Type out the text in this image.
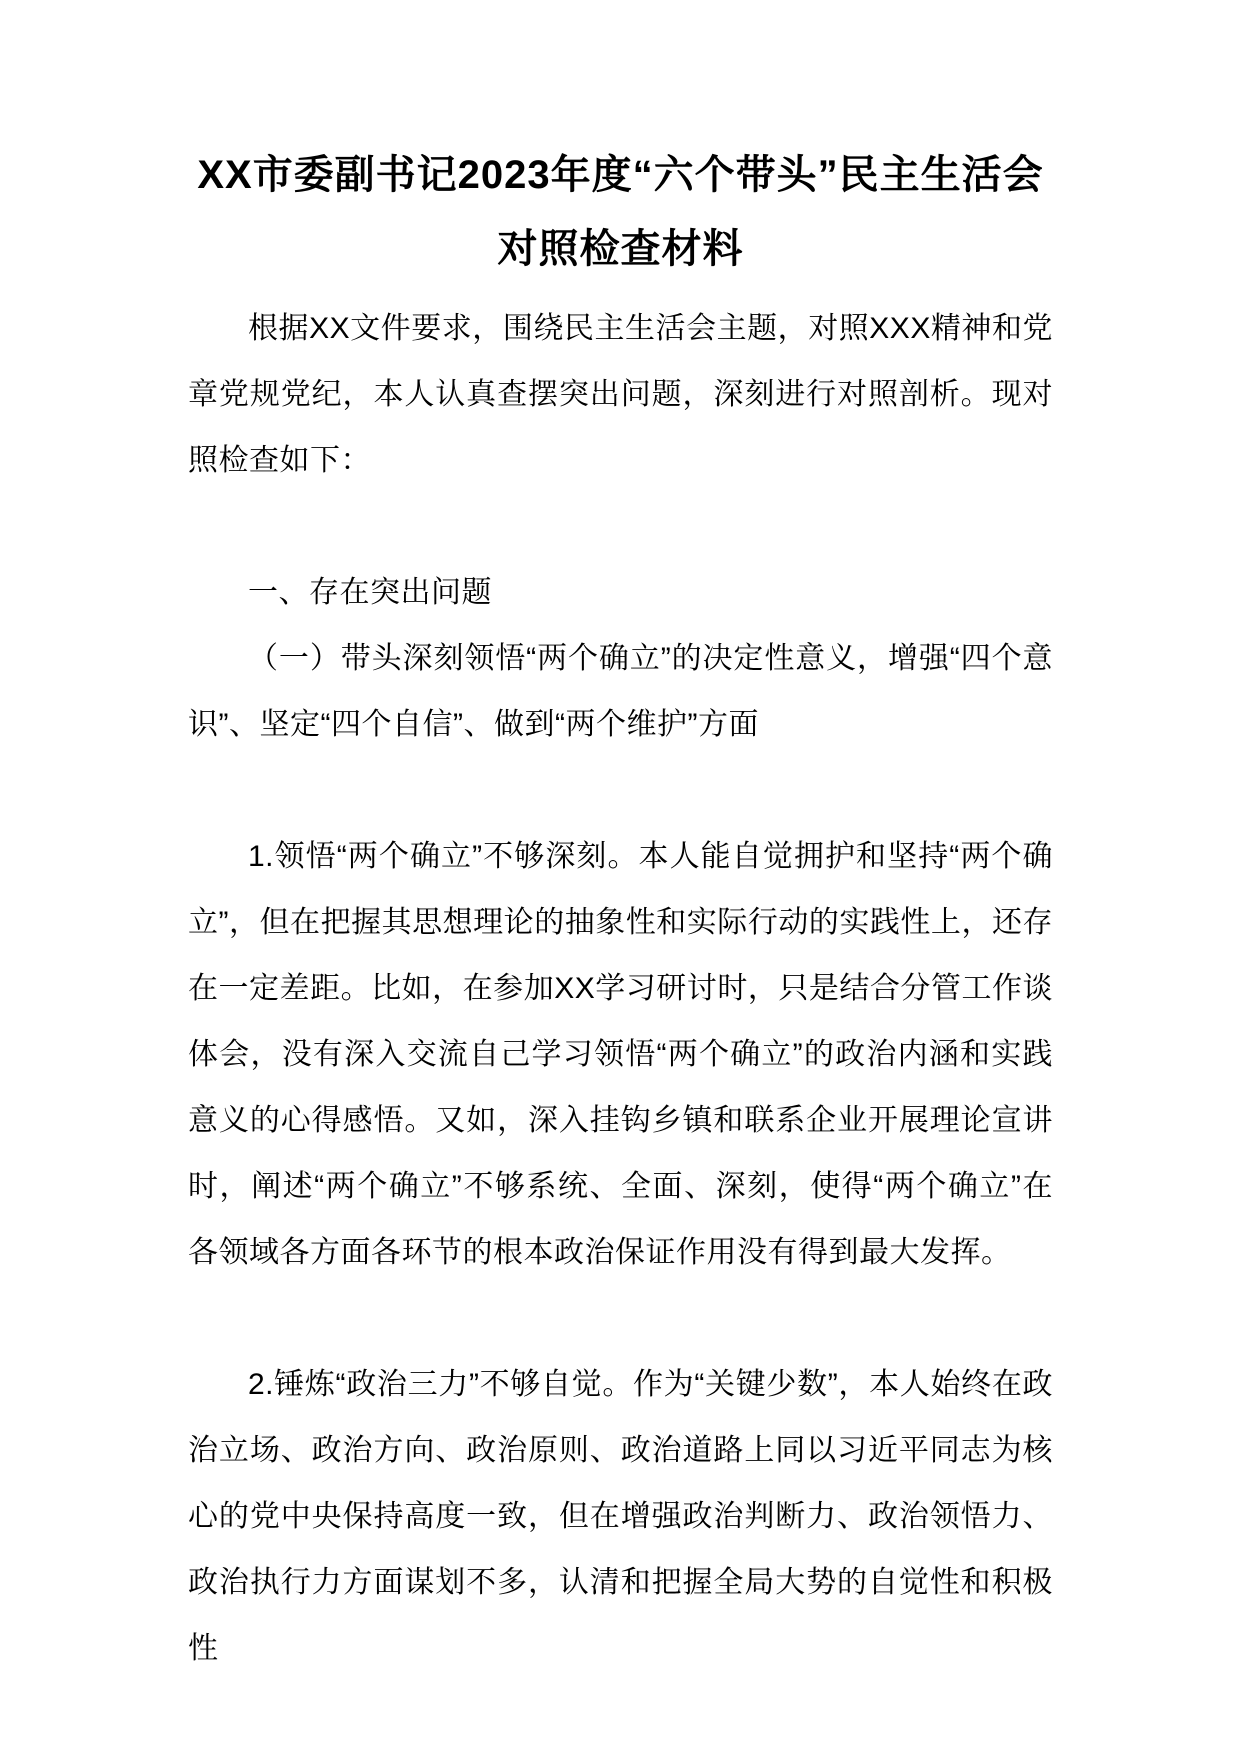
XX市委副书记2023年度“六个带头”民主生活会
对照检查材料

根据XX文件要求，围绕民主生活会主题，对照XXX精神和党章党规党纪，本人认真查摆突出问题，深刻进行对照剖析。现对照检查如下：

一、存在突出问题

（一）带头深刻领悟“两个确立”的决定性意义，增强“四个意识”、坚定“四个自信”、做到“两个维护”方面

1.领悟“两个确立”不够深刻。本人能自觉拥护和坚持“两个确立”，但在把握其思想理论的抽象性和实际行动的实践性上，还存在一定差距。比如，在参加XX学习研讨时，只是结合分管工作谈体会，没有深入交流自己学习领悟“两个确立”的政治内涵和实践意义的心得感悟。又如，深入挂钩乡镇和联系企业开展理论宣讲时，阐述“两个确立”不够系统、全面、深刻，使得“两个确立”在各领域各方面各环节的根本政治保证作用没有得到最大发挥。

2.锤炼“政治三力”不够自觉。作为“关键少数”，本人始终在政治立场、政治方向、政治原则、政治道路上同以习近平同志为核心的党中央保持高度一致，但在增强政治判断力、政治领悟力、政治执行力方面谋划不多，认清和把握全局大势的自觉性和积极性
